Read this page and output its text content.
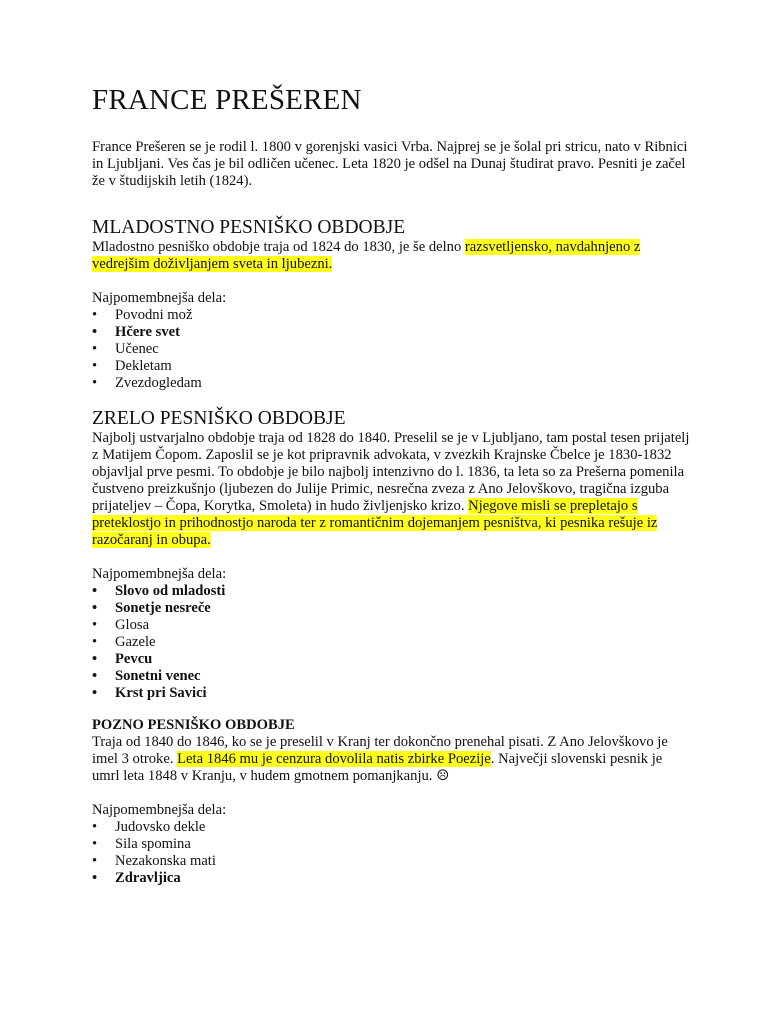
FRANCE PREŠEREN

France Prešeren se je rodil l. 1800 v gorenjski vasici Vrba. Najprej se je šolal pri stricu, nato v Ribnici in Ljubljani. Ves čas je bil odličen učenec. Leta 1820 je odšel na Dunaj študirat pravo. Pesniti je začel že v študijskih letih (1824).

MLADOSTNO PESNIŠKO OBDOBJE

Mladostno pesniško obdobje traja od 1824 do 1830, je še delno razsvetljensko, navdahnjeno z vedrejšim doživljanjem sveta in ljubezni.

Najpomembnejša dela:
• Povodni mož
• Hčere svet
• Učenec
• Dekletam
• Zvezdogledam
ZRELO PESNIŠKO OBDOBJE

Najbolj ustvarjalno obdobje traja od 1828 do 1840. Preselil se je v Ljubljano, tam postal tesen prijatelj z Matijem Čopom. Zaposlil se je kot pripravnik advokata, v zvezkih Krajnske Čbelce je 1830-1832 objavljal prve pesmi. To obdobje je bilo najbolj intenzivno do l. 1836, ta leta so za Prešerna pomenila čustveno preizkušnjo (ljubezen do Julije Primic, nesrečna zveza z Ano Jelovškovo, tragična izguba prijateljev – Čopa, Korytka, Smoleta) in hudo življenjsko krizo. Njegove misli se prepletajo s preteklostjo in prihodnostjo naroda ter z romantičnim dojemanjem pesništva, ki pesnika rešuje iz razočaranj in obupa.

Najpomembnejša dela:
• Slovo od mladosti
• Sonetje nesreče
• Glosa
• Gazele
• Pevcu
• Sonetni venec
• Krst pri Savici
POZNO PESNIŠKO OBDOBJE

Traja od 1840 do 1846, ko se je preselil v Kranj ter dokončno prenehal pisati. Z Ano Jelovškovo je imel 3 otroke. Leta 1846 mu je cenzura dovolila natis zbirke Poezije. Največji slovenski pesnik je umrl leta 1848 v Kranju, v hudem gmotnem pomanjkanju. ☹

Najpomembnejša dela:
• Judovsko dekle
• Sila spomina
• Nezakonska mati
• Zdravljica
